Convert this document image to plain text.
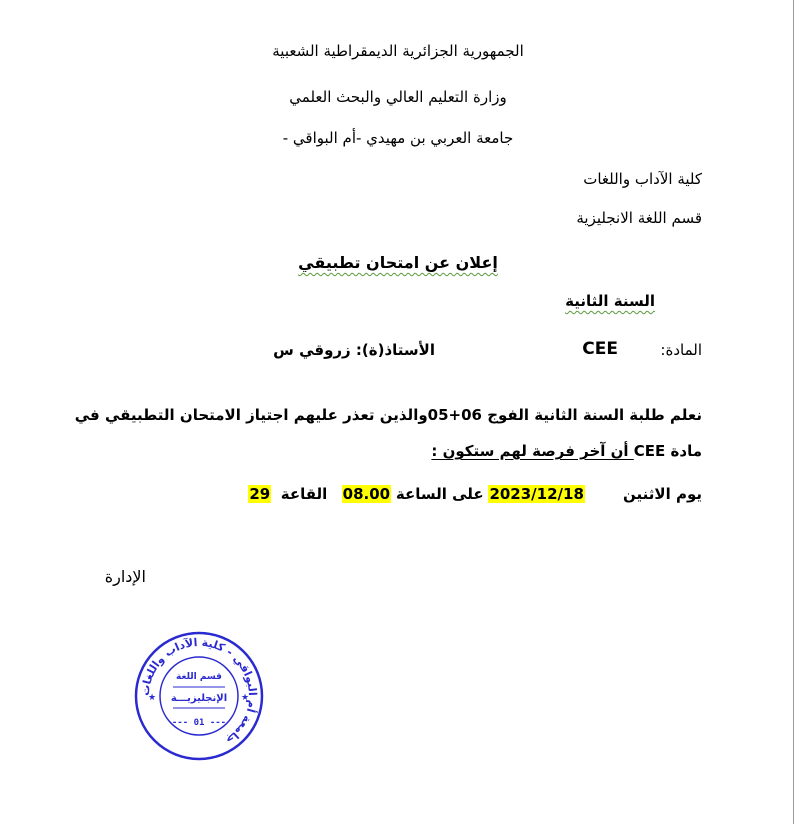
الجمهورية الجزائرية الديمقراطية الشعبية
وزارة التعليم العالي والبحث العلمي
جامعة العربي بن مهيدي -أم البواقي -
كلية الآداب واللغات
قسم اللغة الانجليزية
إعلان عن امتحان تطبيقي
السنة الثانية
المادة:
CEE
الأستاذ(ة): زروقي س
نعلم طلبة السنة الثانية الفوج 05+06والذين تعذر عليهم اجتياز الامتحان التطبيقي في
مادة CEE أن آخر فرصة لهم ستكون :
يوم الاثنين        2023/12/18 على الساعة 08.00   القاعة  29
الإدارة
جامعة أم البواقي - كلية الآداب واللغات
قسم اللغة
الإنجليزيـــة
--- 01 ---
★	★
